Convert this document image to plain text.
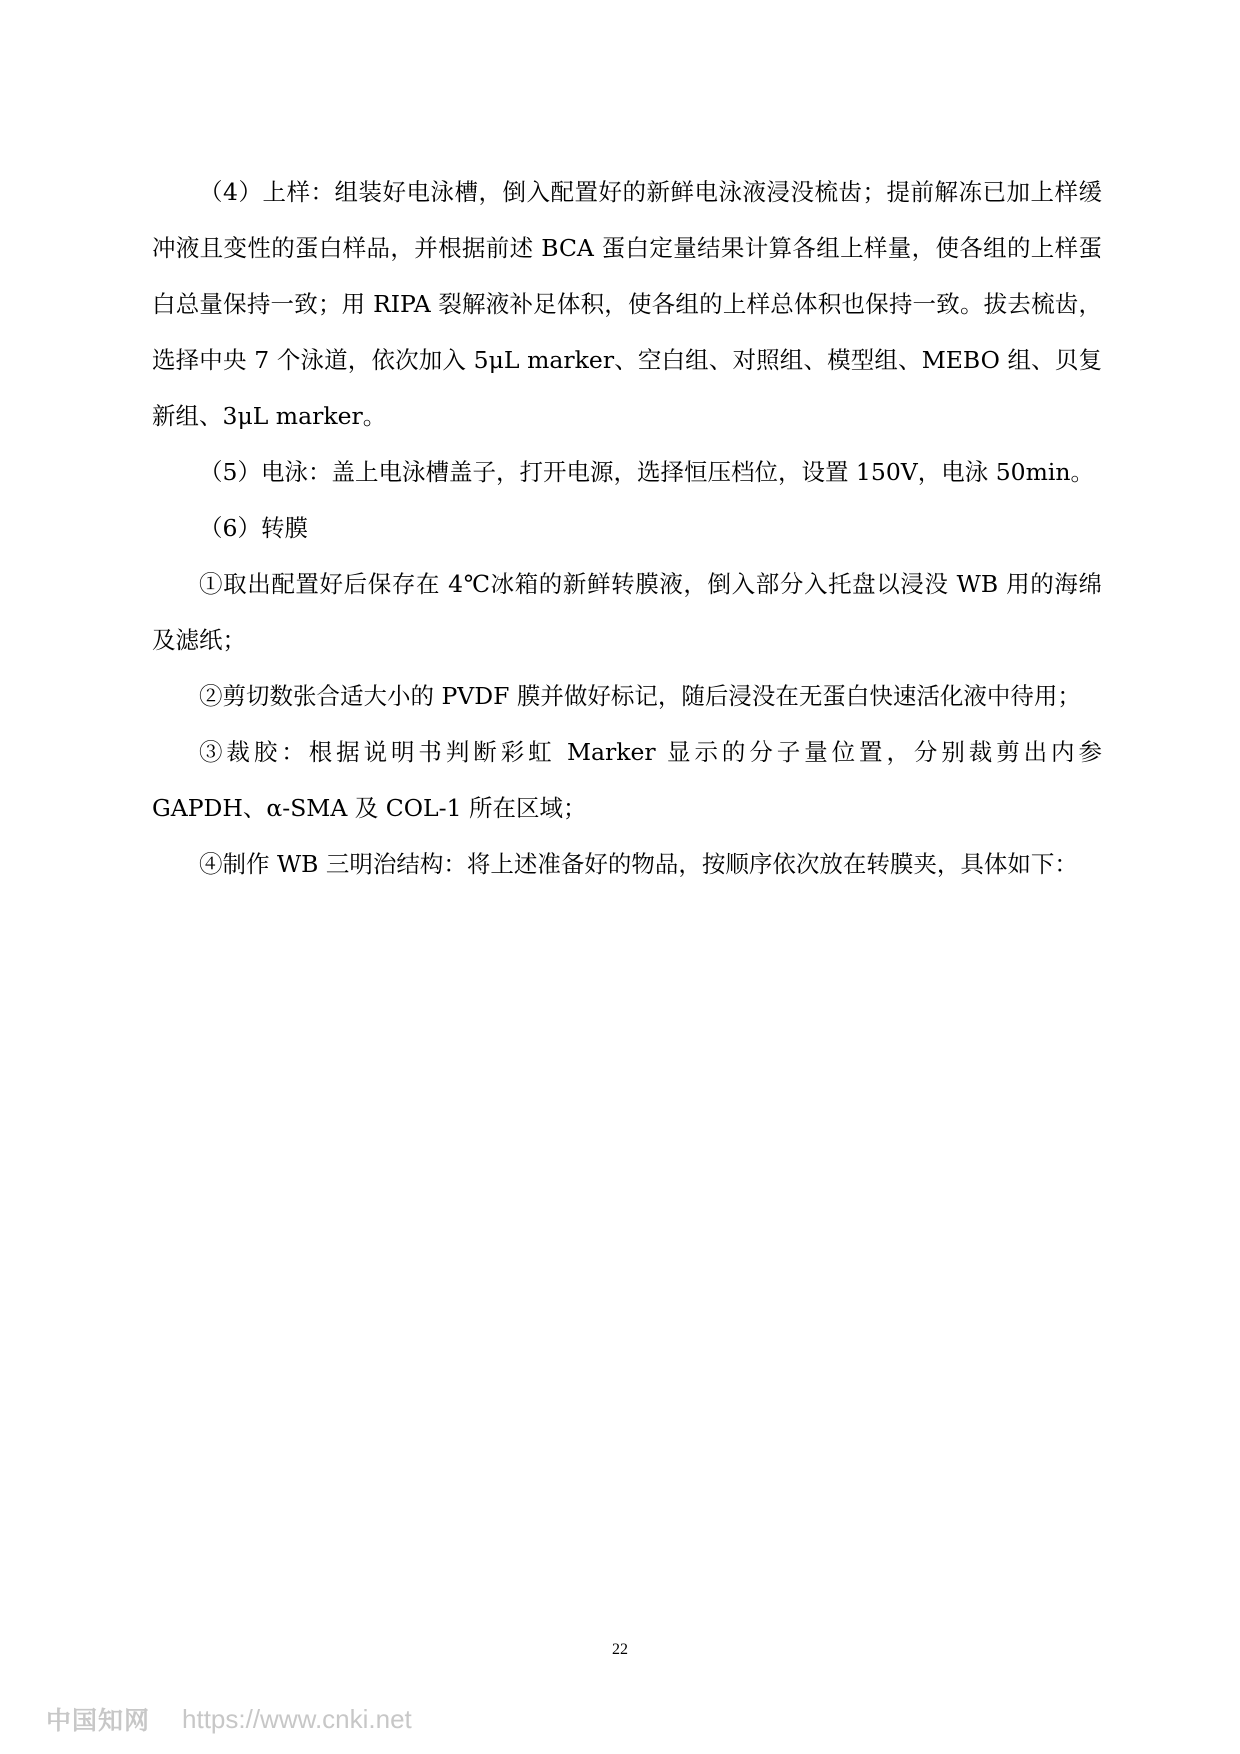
（4）上样：组装好电泳槽，倒入配置好的新鲜电泳液浸没梳齿；提前解冻已加上样缓冲液且变性的蛋白样品，并根据前述 BCA 蛋白定量结果计算各组上样量，使各组的上样蛋白总量保持一致；用 RIPA 裂解液补足体积，使各组的上样总体积也保持一致。拔去梳齿，选择中央 7 个泳道，依次加入 5μL marker、空白组、对照组、模型组、MEBO 组、贝复新组、3μL marker。

（5）电泳：盖上电泳槽盖子，打开电源，选择恒压档位，设置 150V，电泳 50min。

（6）转膜

①取出配置好后保存在 4℃冰箱的新鲜转膜液，倒入部分入托盘以浸没 WB 用的海绵及滤纸；

②剪切数张合适大小的 PVDF 膜并做好标记，随后浸没在无蛋白快速活化液中待用；

③裁胶：根据说明书判断彩虹 Marker 显示的分子量位置，分别裁剪出内参 GAPDH、α-SMA 及 COL-1 所在区域；

④制作 WB 三明治结构：将上述准备好的物品，按顺序依次放在转膜夹，具体如下：

22
中国知网 https://www.cnki.net
